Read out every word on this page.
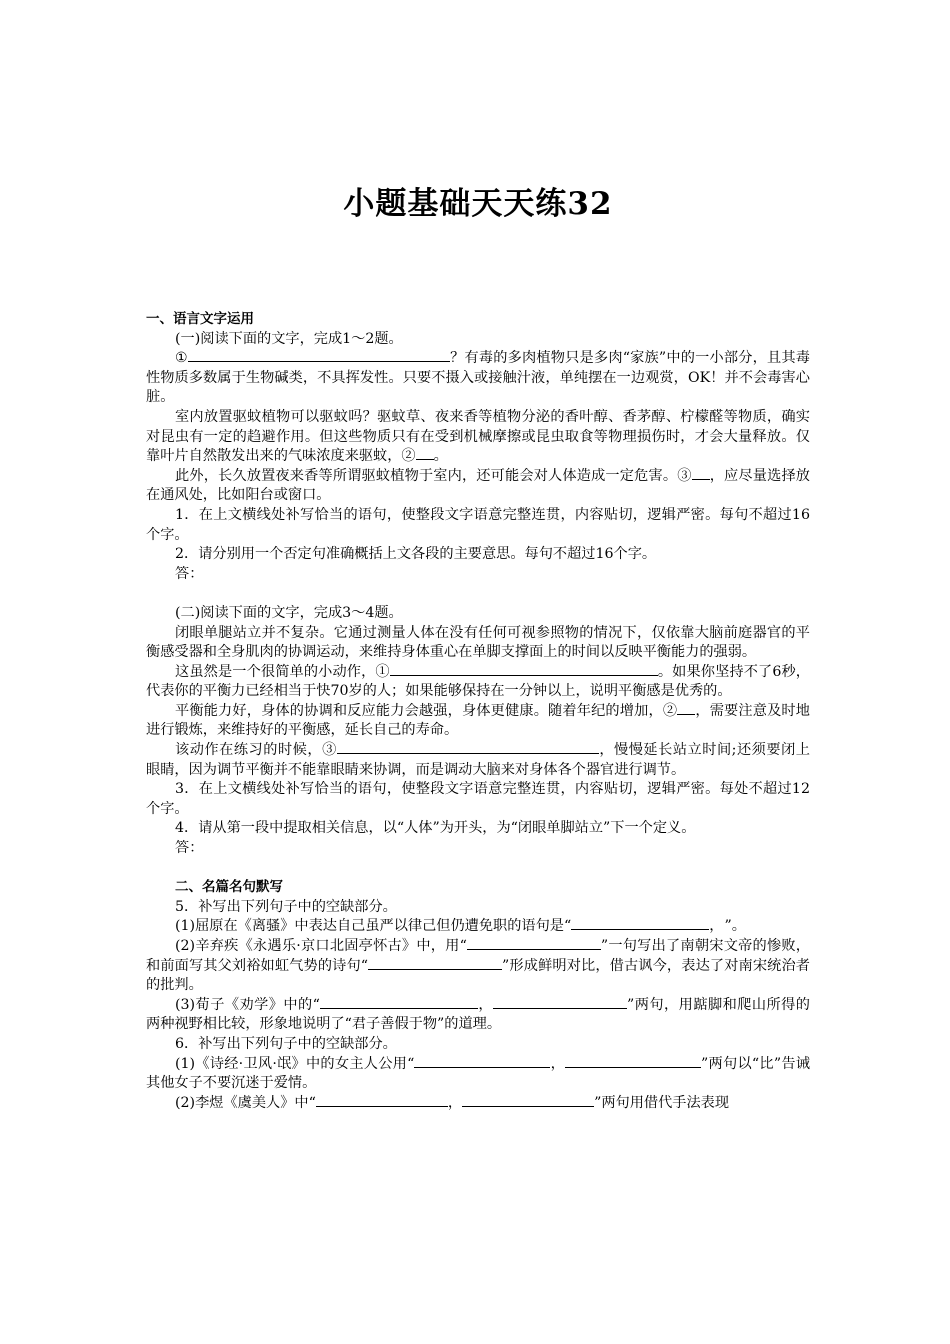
小题基础天天练32

一、语言文字运用

(一)阅读下面的文字，完成1～2题。

①	？有毒的多肉植物只是多肉“家族”中的一小部分，且其毒性物质多数属于生物碱类，不具挥发性。只要不摄入或接触汁液，单纯摆在一边观赏，OK！并不会毒害心脏。

室内放置驱蚊植物可以驱蚊吗？驱蚊草、夜来香等植物分泌的香叶醇、香茅醇、柠檬醛等物质，确实对昆虫有一定的趋避作用。但这些物质只有在受到机械摩擦或昆虫取食等物理损伤时，才会大量释放。仅靠叶片自然散发出来的气味浓度来驱蚊，② 。

此外，长久放置夜来香等所谓驱蚊植物于室内，还可能会对人体造成一定危害。③ ，应尽量选择放在通风处，比如阳台或窗口。

1．在上文横线处补写恰当的语句，使整段文字语意完整连贯，内容贴切，逻辑严密。每句不超过16个字。

2．请分别用一个否定句准确概括上文各段的主要意思。每句不超过16个字。

答：

(二)阅读下面的文字，完成3～4题。

闭眼单腿站立并不复杂。它通过测量人体在没有任何可视参照物的情况下，仅依靠大脑前庭器官的平衡感受器和全身肌肉的协调运动，来维持身体重心在单脚支撑面上的时间以反映平衡能力的强弱。

这虽然是一个很简单的小动作，①	。如果你坚持不了6秒，代表你的平衡力已经相当于快70岁的人；如果能够保持在一分钟以上，说明平衡感是优秀的。

平衡能力好，身体的协调和反应能力会越强，身体更健康。随着年纪的增加，② ，需要注意及时地进行锻炼，来维持好的平衡感，延长自己的寿命。

该动作在练习的时候，③	，慢慢延长站立时间;还须要闭上眼睛，因为调节平衡并不能靠眼睛来协调，而是调动大脑来对身体各个器官进行调节。

3．在上文横线处补写恰当的语句，使整段文字语意完整连贯，内容贴切，逻辑严密。每处不超过12个字。

4．请从第一段中提取相关信息，以“人体”为开头，为“闭眼单脚站立”下一个定义。

答：

二、名篇名句默写

5．补写出下列句子中的空缺部分。

(1)屈原在《离骚》中表达自己虽严以律己但仍遭免职的语句是“	，”。

(2)辛弃疾《永遇乐·京口北固亭怀古》中，用“	”一句写出了南朝宋文帝的惨败，和前面写其父刘裕如虹气势的诗句“	”形成鲜明对比，借古讽今，表达了对南宋统治者的批判。

(3)荀子《劝学》中的“	，	”两句，用踮脚和爬山所得的两种视野相比较，形象地说明了“君子善假于物”的道理。

6．补写出下列句子中的空缺部分。

(1)《诗经·卫风·氓》中的女主人公用“	，	”两句以“比”告诫其他女子不要沉迷于爱情。

(2)李煜《虞美人》中“	，	”两句用借代手法表现
